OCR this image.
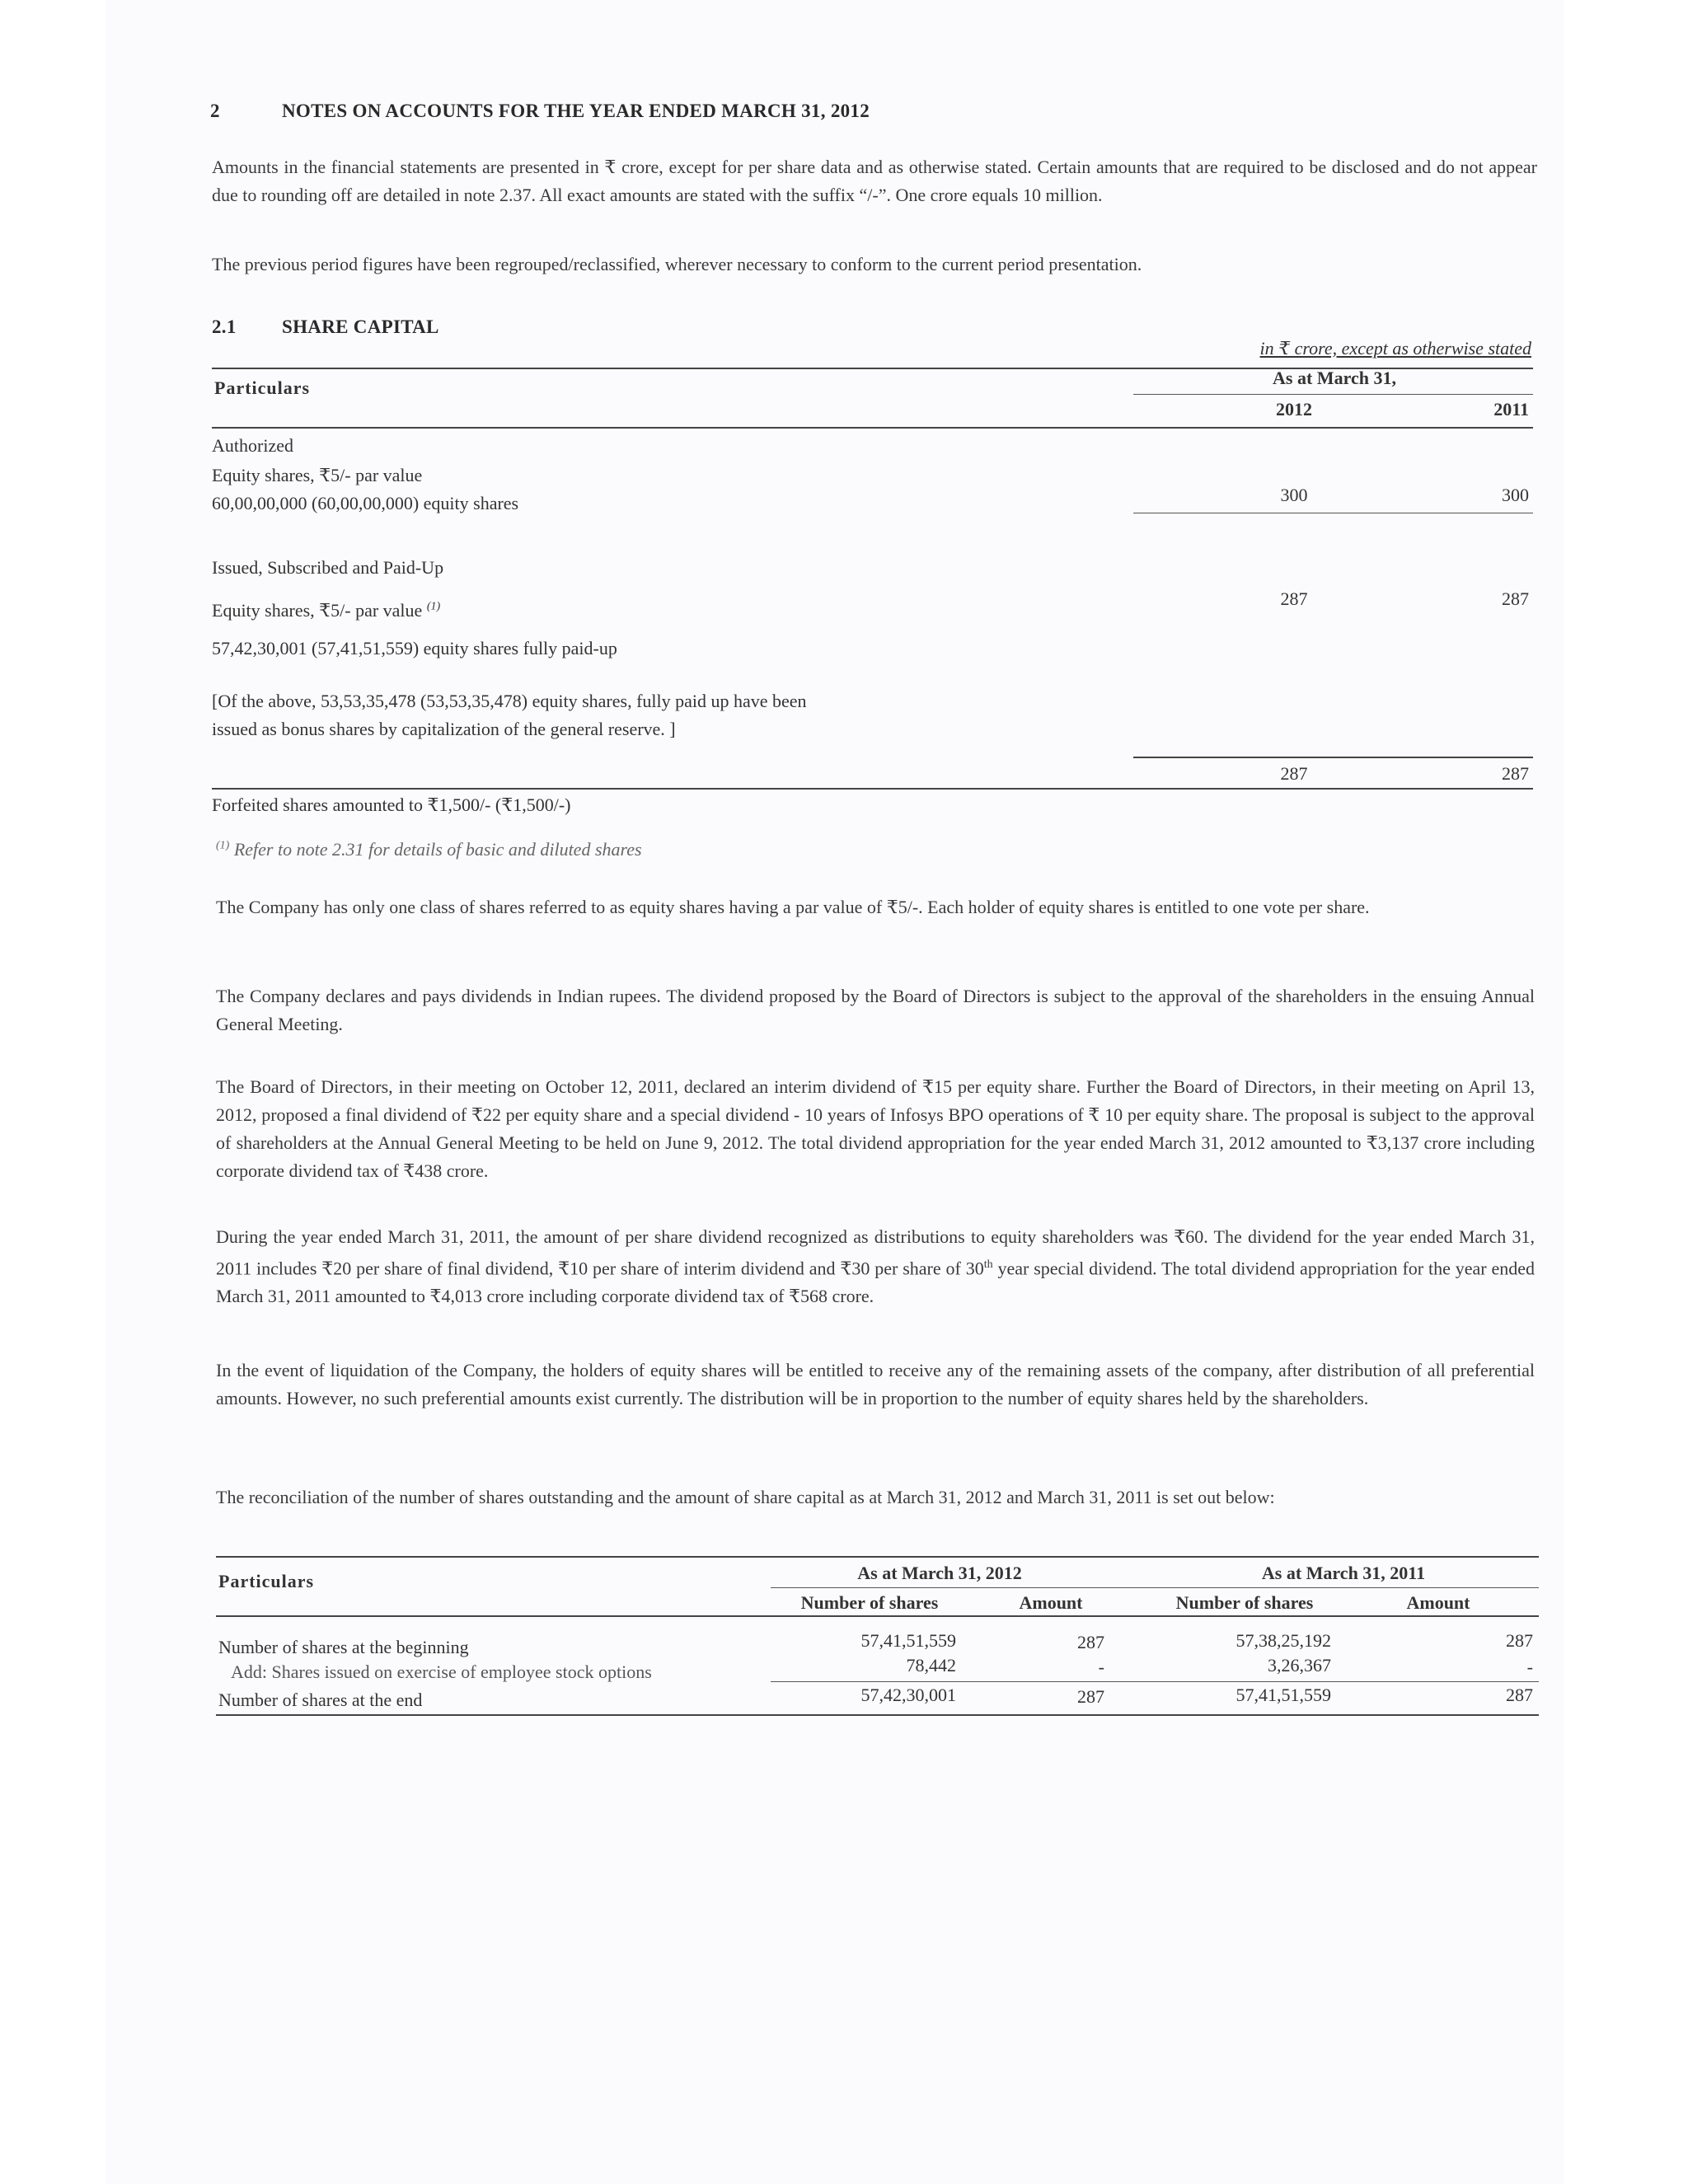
2	NOTES ON ACCOUNTS FOR THE YEAR ENDED MARCH 31, 2012
Amounts in the financial statements are presented in ₹ crore, except for per share data and as otherwise stated. Certain amounts that are required to be disclosed and do not appear due to rounding off are detailed in note 2.37. All exact amounts are stated with the suffix “/-”. One crore equals 10 million.
The previous period figures have been regrouped/reclassified, wherever necessary to conform to the current period presentation.
2.1 SHARE CAPITAL
in ₹ crore, except as otherwise stated
Particulars	As at March 31,
2012	2011
Authorized
Equity shares, ₹5/- par value
60,00,00,000 (60,00,00,000) equity shares	300	300
Issued, Subscribed and Paid-Up
Equity shares, ₹5/- par value $^{(1)}$
57,42,30,001 (57,41,51,559) equity shares fully paid-up
287	287
[Of the above, 53,53,35,478 (53,53,35,478) equity shares, fully paid up have been
issued as bonus shares by capitalization of the general reserve. ]
287	287
Forfeited shares amounted to ₹1,500/- (₹1,500/-)
$^{(1)}$ Refer to note 2.31 for details of basic and diluted shares
The Company has only one class of shares referred to as equity shares having a par value of ₹5/-. Each holder of equity shares is entitled to one vote per share.
The Company declares and pays dividends in Indian rupees. The dividend proposed by the Board of Directors is subject to the approval of the shareholders in the ensuing Annual General Meeting.
The Board of Directors, in their meeting on October 12, 2011, declared an interim dividend of ₹15 per equity share. Further the Board of Directors, in their meeting on April 13, 2012, proposed a final dividend of ₹22 per equity share and a special dividend - 10 years of Infosys BPO operations of ₹ 10 per equity share. The proposal is subject to the approval of shareholders at the Annual General Meeting to be held on June 9, 2012. The total dividend appropriation for the year ended March 31, 2012 amounted to ₹3,137 crore including corporate dividend tax of ₹438 crore.
During the year ended March 31, 2011, the amount of per share dividend recognized as distributions to equity shareholders was ₹60. The dividend for the year ended March 31, 2011 includes ₹20 per share of final dividend, ₹10 per share of interim dividend and ₹30 per share of 30th year special dividend. The total dividend appropriation for the year ended March 31, 2011 amounted to ₹4,013 crore including corporate dividend tax of ₹568 crore.
In the event of liquidation of the Company, the holders of equity shares will be entitled to receive any of the remaining assets of the company, after distribution of all preferential amounts. However, no such preferential amounts exist currently. The distribution will be in proportion to the number of equity shares held by the shareholders.
The reconciliation of the number of shares outstanding and the amount of share capital as at March 31, 2012 and March 31, 2011 is set out below:
Particulars	As at March 31, 2012	As at March 31, 2011
Number of shares	Amount	Number of shares	Amount
Number of shares at the beginning	57,41,51,559	287	57,38,25,192	287
Add: Shares issued on exercise of employee stock options	78,442	-	3,26,367	-
Number of shares at the end	57,42,30,001	287	57,41,51,559	287
